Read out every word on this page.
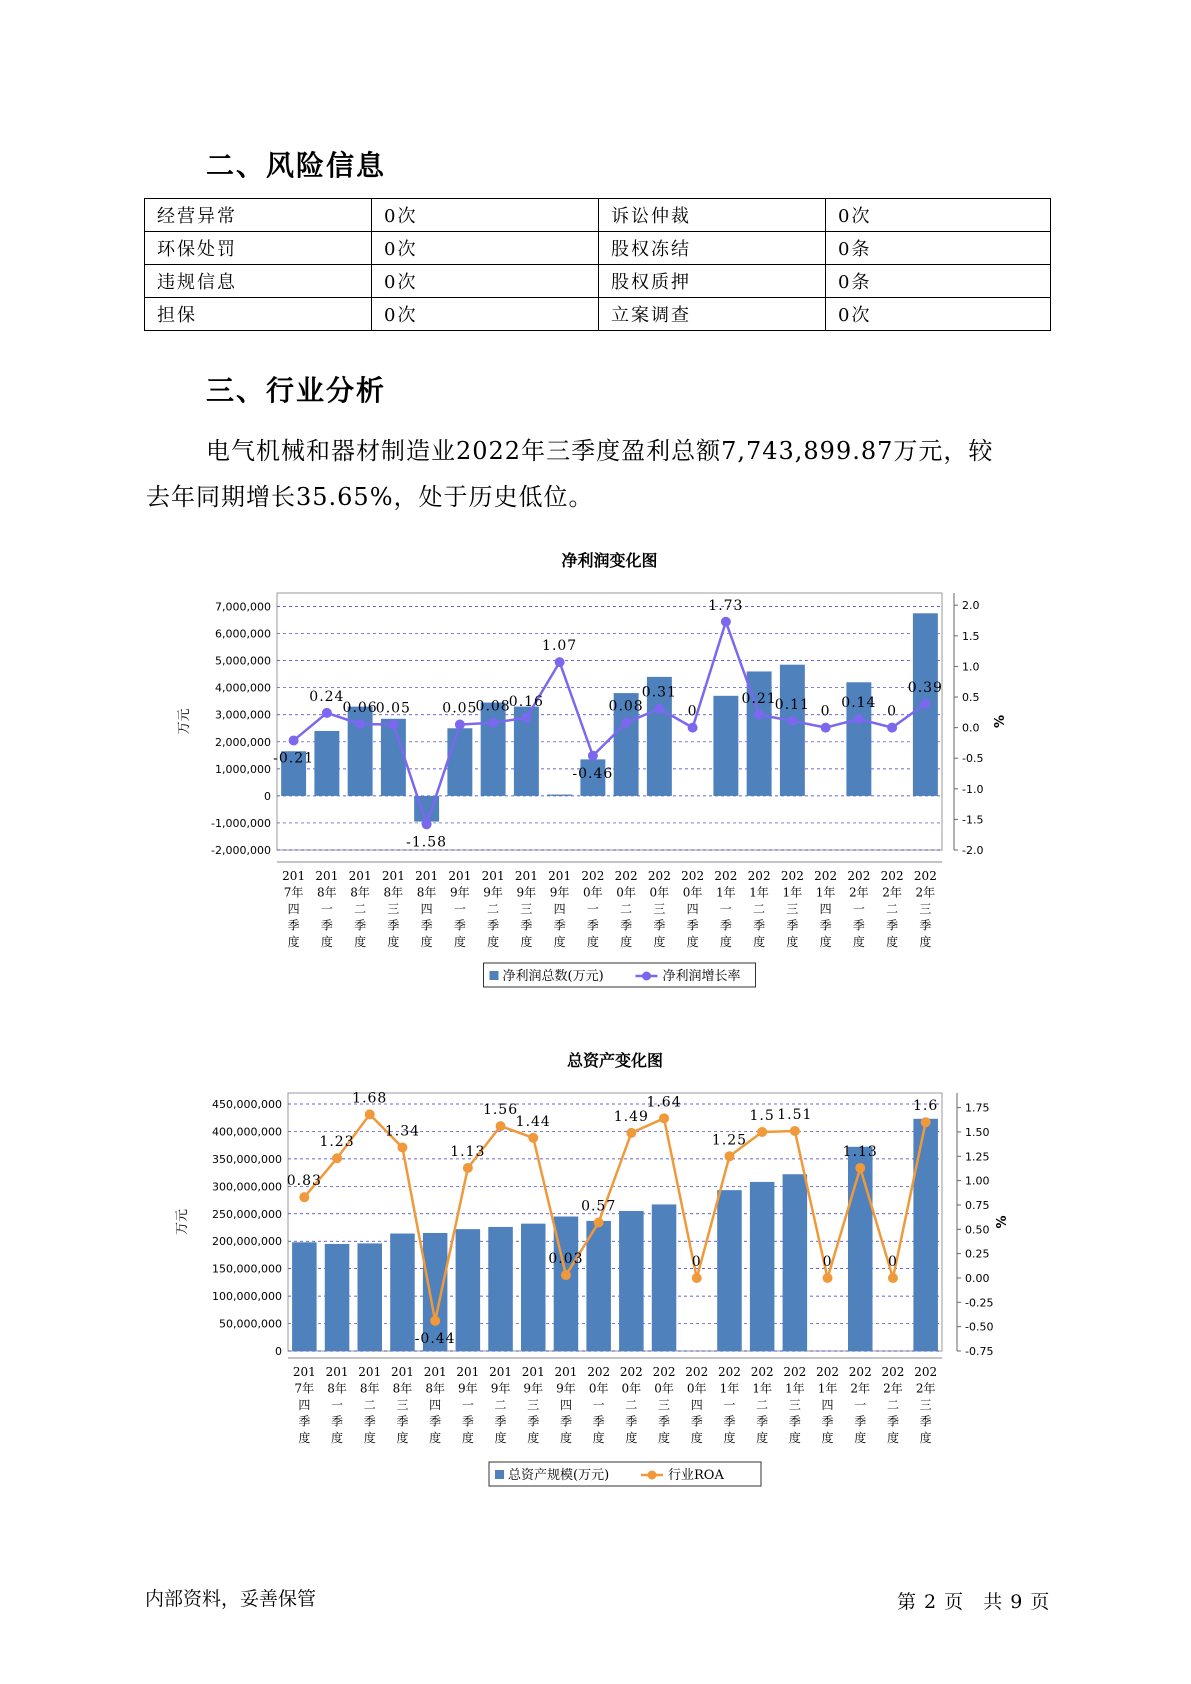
二、风险信息
经营异常	0次	诉讼仲裁	0次
环保处罚	0次	股权冻结	0条
违规信息	0次	股权质押	0条
担保	0次	立案调查	0次
三、行业分析
电气机械和器材制造业2022年三季度盈利总额7,743,899.87万元，较
去年同期增长35.65%，处于历史低位。
净利润变化图
-2,000,000
-1,000,000
0
1,000,000
2,000,000
3,000,000
4,000,000
5,000,000
6,000,000
7,000,000
-2.0
-1.5
-1.0
-0.5
0.0
0.5
1.0
1.5
2.0
万元	%
-0.21
0.24
0.06
0.05
-1.58
0.05
0.08
0.16
1.07
-0.46
0.08
0.31
0
1.73
0.21
0.11 0
0.14
0
0.39
201
7年
四
季
度
201
8年
一
季
度
201
8年
二
季
度
201
8年
三
季
度
201
8年
四
季
度
201
9年
一
季
度
201
9年
二
季
度
201
9年
三
季
度
201
9年
四
季
度
202
0年
一
季
度
202
0年
二
季
度
202
0年
三
季
度
202
0年
四
季
度
202
1年
一
季
度
202
1年
二
季
度
202
1年
三
季
度
202
1年
四
季
度
202
2年
一
季
度
202
2年
二
季
度
202
2年
三
季
度
净利润总数(万元)	净利润增长率
总资产变化图
0
50,000,000
100,000,000
150,000,000
200,000,000
250,000,000
300,000,000
350,000,000
400,000,000
450,000,000
-0.75
-0.50
-0.25
0.00
0.25
0.50
0.75
1.00
1.25
1.50
1.75
万元	%
0.83
1.23
1.68
1.34
-0.44
1.13
1.56
1.44
0.03
0.57
1.49
1.64
0
1.25
1.5 1.51
0
1.13
0
1.6
201
7年
四
季
度
201
8年
一
季
度
201
8年
二
季
度
201
8年
三
季
度
201
8年
四
季
度
201
9年
一
季
度
201
9年
二
季
度
201
9年
三
季
度
201
9年
四
季
度
202
0年
一
季
度
202
0年
二
季
度
202
0年
三
季
度
202
0年
四
季
度
202
1年
一
季
度
202
1年
二
季
度
202
1年
三
季
度
202
1年
四
季
度
202
2年
一
季
度
202
2年
二
季
度
202
2年
三
季
度
总资产规模(万元)	行业ROA
内部资料，妥善保管	第 2 页 共 9 页
